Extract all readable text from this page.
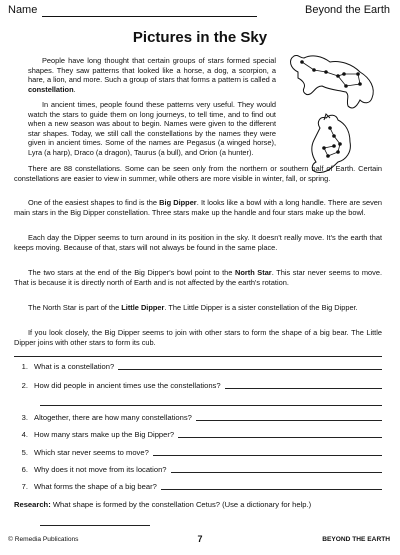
Name	Beyond the Earth
Pictures in the Sky
People have long thought that certain groups of stars formed special shapes. They saw patterns that looked like a horse, a dog, a scorpion, a hare, a lion, and more. Such a group of stars that forms a pattern is called a constellation.
In ancient times, people found these patterns very useful. They would watch the stars to guide them on long journeys, to tell time, and to find out when a new season was about to begin. Names were given to the different star shapes. Today, we still call the constellations by the names they were given in ancient times. Some of the names are Pegasus (a winged horse), Lyra (a harp), Draco (a dragon), Taurus (a bull), and Orion (a hunter).
There are 88 constellations. Some can be seen only from the northern or southern half of Earth. Certain constellations are easier to view in summer, while others are more visible in winter, fall, or spring.
One of the easiest shapes to find is the Big Dipper. It looks like a bowl with a long handle. There are seven main stars in the Big Dipper constellation. Three stars make up the handle and four stars make up the bowl.
Each day the Dipper seems to turn around in its position in the sky. It doesn't really move. It's the earth that keeps moving. Because of that, stars will not always be found in the same place.
The two stars at the end of the Big Dipper's bowl point to the North Star. This star never seems to move. That is because it is directly north of Earth and is not affected by the earth's rotation.
The North Star is part of the Little Dipper. The Little Dipper is a sister constellation of the Big Dipper.
If you look closely, the Big Dipper seems to join with other stars to form the shape of a big bear. The Little Dipper joins with other stars to form its cub.
1. What is a constellation?
2. How did people in ancient times use the constellations?
3. Altogether, there are how many constellations?
4. How many stars make up the Big Dipper?
5. Which star never seems to move?
6. Why does it not move from its location?
7. What forms the shape of a big bear?
Research: What shape is formed by the constellation Cetus? (Use a dictionary for help.)
© Remedia Publications	7	BEYOND THE EARTH
